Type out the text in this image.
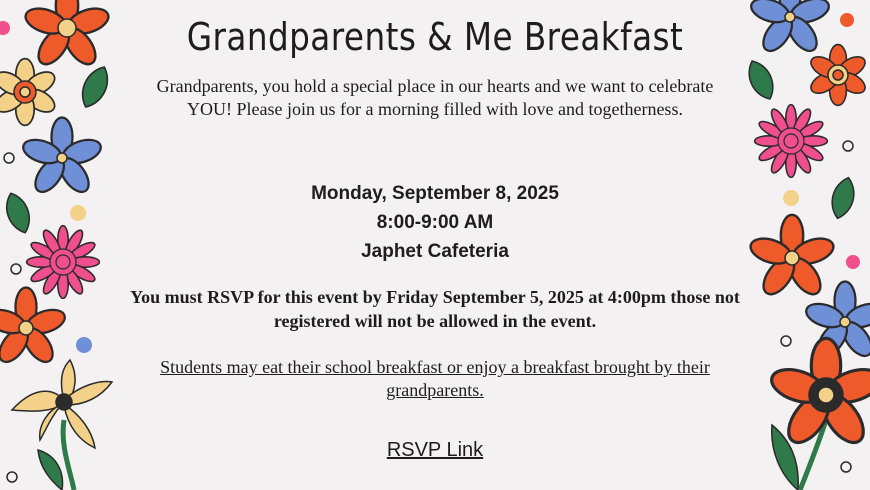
Grandparents & Me Breakfast

Grandparents, you hold a special place in our hearts and we want to celebrate YOU! Please join us for a morning filled with love and togetherness.

Monday, September 8, 2025
8:00-9:00 AM
Japhet Cafeteria

You must RSVP for this event by Friday September 5, 2025 at 4:00pm those not registered will not be allowed in the event.

Students may eat their school breakfast or enjoy a breakfast brought by their grandparents.

RSVP Link
